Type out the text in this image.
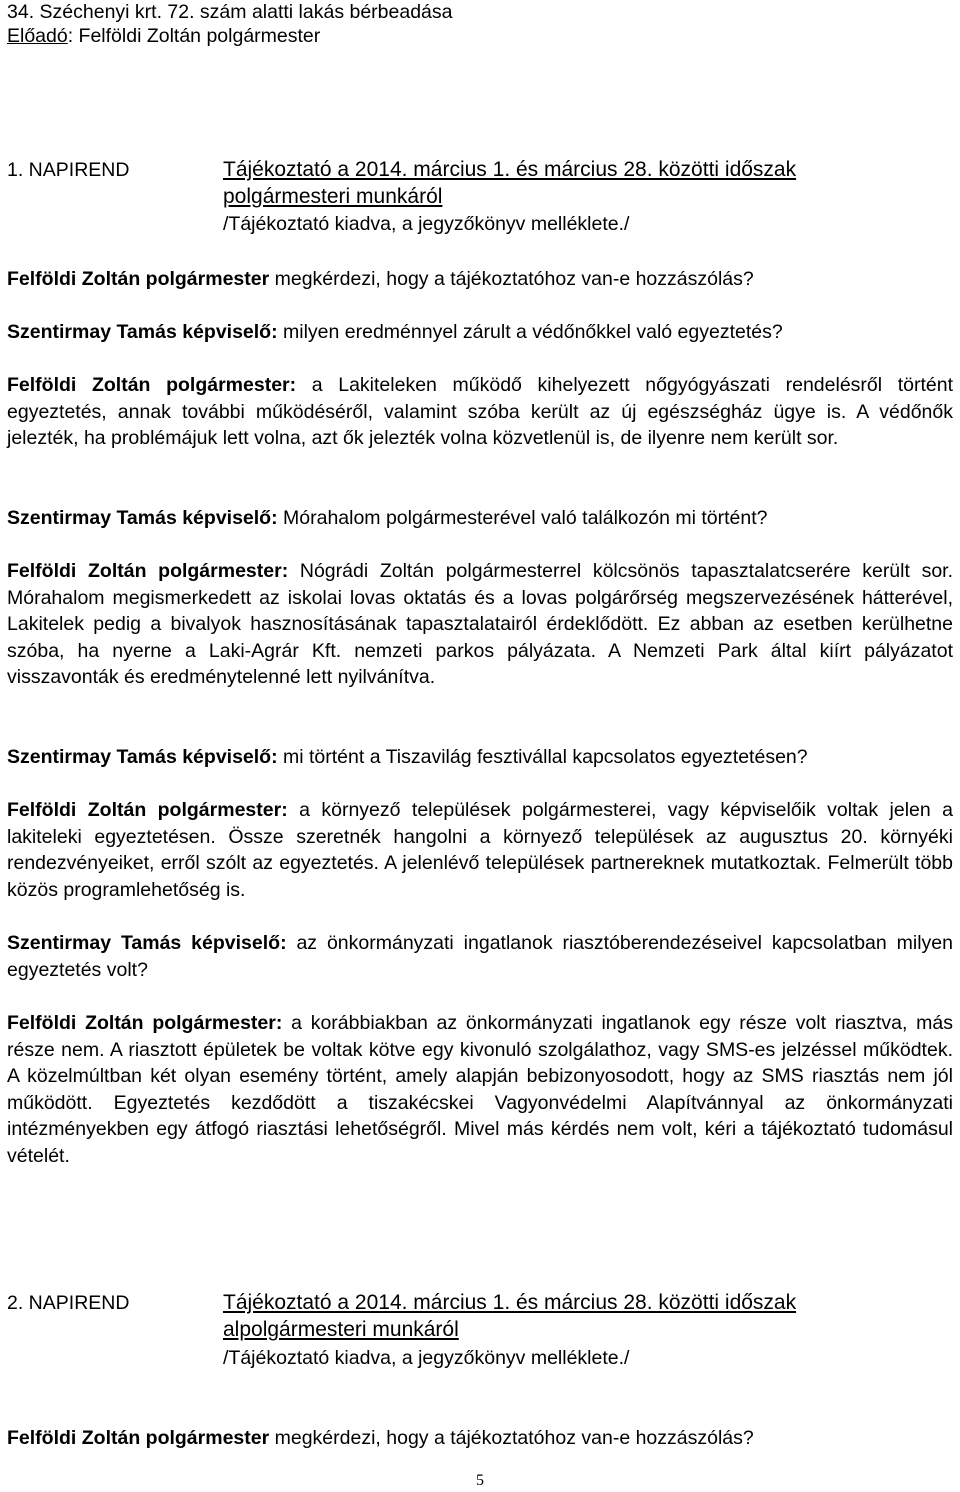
34. Széchenyi krt. 72. szám alatti lakás bérbeadása
Előadó: Felföldi Zoltán polgármester
1. NAPIREND	Tájékoztató a 2014. március 1. és március 28. közötti időszak
polgármesteri munkáról
/Tájékoztató kiadva, a jegyzőkönyv melléklete./
Felföldi Zoltán polgármester megkérdezi, hogy a tájékoztatóhoz van-e hozzászólás?
Szentirmay Tamás képviselő: milyen eredménnyel zárult a védőnőkkel való egyeztetés?
Felföldi Zoltán polgármester: a Lakiteleken működő kihelyezett nőgyógyászati rendelésről történt egyeztetés, annak további működéséről, valamint szóba került az új egészségház ügye is. A védőnők jelezték, ha problémájuk lett volna, azt ők jelezték volna közvetlenül is, de ilyenre nem került sor.
Szentirmay Tamás képviselő: Mórahalom polgármesterével való találkozón mi történt?
Felföldi Zoltán polgármester: Nógrádi Zoltán polgármesterrel kölcsönös tapasztalatcserére került sor. Mórahalom megismerkedett az iskolai lovas oktatás és a lovas polgárőrség megszervezésének hátterével, Lakitelek pedig a bivalyok hasznosításának tapasztalatairól érdeklődött. Ez abban az esetben kerülhetne szóba, ha nyerne a Laki-Agrár Kft. nemzeti parkos pályázata. A Nemzeti Park által kiírt pályázatot visszavonták és eredménytelenné lett nyilvánítva.
Szentirmay Tamás képviselő: mi történt a Tiszavilág fesztivállal kapcsolatos egyeztetésen?
Felföldi Zoltán polgármester: a környező települések polgármesterei, vagy képviselőik voltak jelen a lakiteleki egyeztetésen. Össze szeretnék hangolni a környező települések az augusztus 20. környéki rendezvényeiket, erről szólt az egyeztetés. A jelenlévő települések partnereknek mutatkoztak. Felmerült több közös programlehetőség is.
Szentirmay Tamás képviselő: az önkormányzati ingatlanok riasztóberendezéseivel kapcsolatban milyen egyeztetés volt?
Felföldi Zoltán polgármester: a korábbiakban az önkormányzati ingatlanok egy része volt riasztva, más része nem. A riasztott épületek be voltak kötve egy kivonuló szolgálathoz, vagy SMS-es jelzéssel működtek. A közelmúltban két olyan esemény történt, amely alapján bebizonyosodott, hogy az SMS riasztás nem jól működött. Egyeztetés kezdődött a tiszakécskei Vagyonvédelmi Alapítvánnyal az önkormányzati intézményekben egy átfogó riasztási lehetőségről. Mivel más kérdés nem volt, kéri a tájékoztató tudomásul vételét.
2. NAPIREND	Tájékoztató a 2014. március 1. és március 28. közötti időszak
alpolgármesteri munkáról
/Tájékoztató kiadva, a jegyzőkönyv melléklete./
Felföldi Zoltán polgármester megkérdezi, hogy a tájékoztatóhoz van-e hozzászólás?
5
